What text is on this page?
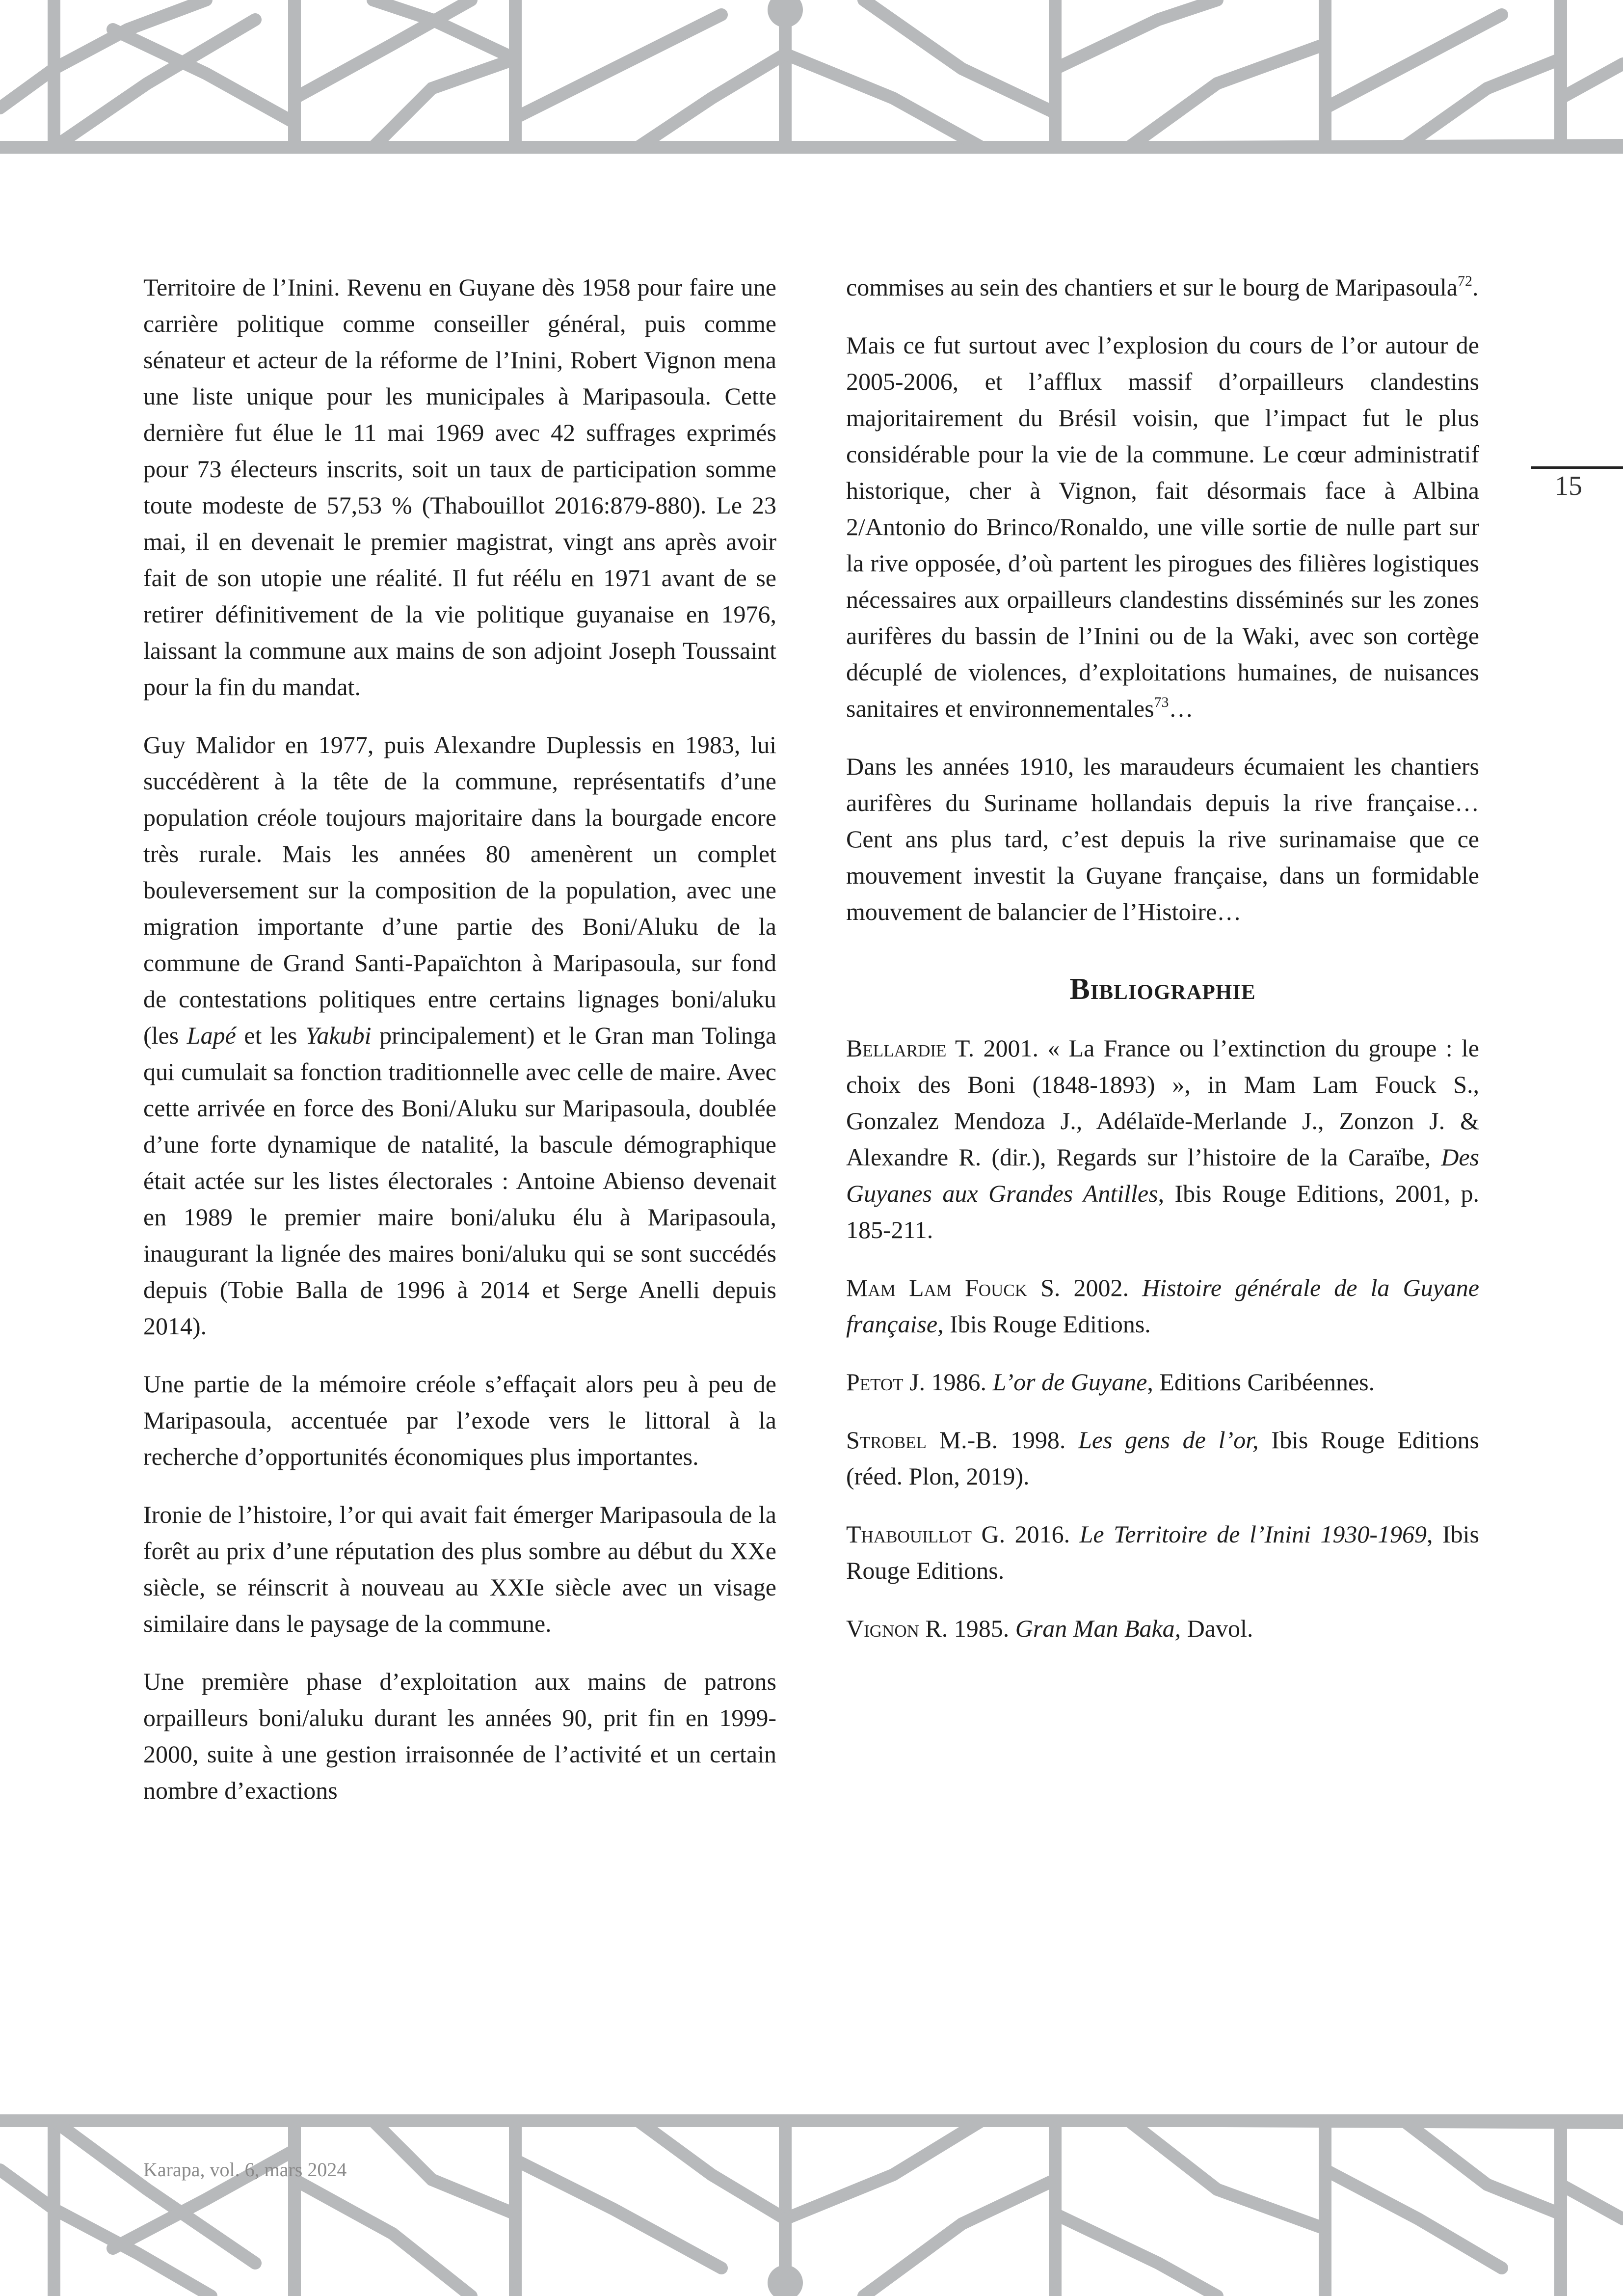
15

Territoire de l’Inini. Revenu en Guyane dès 1958 pour faire une carrière politique comme conseiller général, puis comme sénateur et acteur de la réforme de l’Inini, Robert Vignon mena une liste unique pour les municipales à Maripasoula. Cette dernière fut élue le 11 mai 1969 avec 42 suffrages exprimés pour 73 électeurs inscrits, soit un taux de participation somme toute modeste de 57,53 % (Thabouillot 2016:879-880). Le 23 mai, il en devenait le premier magistrat, vingt ans après avoir fait de son utopie une réalité. Il fut réélu en 1971 avant de se retirer définitivement de la vie politique guyanaise en 1976, laissant la commune aux mains de son adjoint Joseph Toussaint pour la fin du mandat.

Guy Malidor en 1977, puis Alexandre Duplessis en 1983, lui succédèrent à la tête de la commune, représentatifs d’une population créole toujours majoritaire dans la bourgade encore très rurale. Mais les années 80 amenèrent un complet bouleversement sur la composition de la population, avec une migration importante d’une partie des Boni/Aluku de la commune de Grand Santi-Papaïchton à Maripasoula, sur fond de contestations politiques entre certains lignages boni/aluku (les Lapé et les Yakubi principalement) et le Gran man Tolinga qui cumulait sa fonction traditionnelle avec celle de maire. Avec cette arrivée en force des Boni/Aluku sur Maripasoula, doublée d’une forte dynamique de natalité, la bascule démographique était actée sur les listes électorales : Antoine Abienso devenait en 1989 le premier maire boni/aluku élu à Maripasoula, inaugurant la lignée des maires boni/aluku qui se sont succédés depuis (Tobie Balla de 1996 à 2014 et Serge Anelli depuis 2014).

Une partie de la mémoire créole s’effaçait alors peu à peu de Maripasoula, accentuée par l’exode vers le littoral à la recherche d’opportunités économiques plus importantes.

Ironie de l’histoire, l’or qui avait fait émerger Maripasoula de la forêt au prix d’une réputation des plus sombre au début du XXe siècle, se réinscrit à nouveau au XXIe siècle avec un visage similaire dans le paysage de la commune.

Une première phase d’exploitation aux mains de patrons orpailleurs boni/aluku durant les années 90, prit fin en 1999-2000, suite à une gestion irraisonnée de l’activité et un certain nombre d’exactions

commises au sein des chantiers et sur le bourg de Maripasoula$^{72}$.

Mais ce fut surtout avec l’explosion du cours de l’or autour de 2005-2006, et l’afflux massif d’orpailleurs clandestins majoritairement du Brésil voisin, que l’impact fut le plus considérable pour la vie de la commune. Le cœur administratif historique, cher à Vignon, fait désormais face à Albina 2/Antonio do Brinco/Ronaldo, une ville sortie de nulle part sur la rive opposée, d’où partent les pirogues des filières logistiques nécessaires aux orpailleurs clandestins disséminés sur les zones aurifères du bassin de l’Inini ou de la Waki, avec son cortège décuplé de violences, d’exploitations humaines, de nuisances sanitaires et environnementales$^{73}$…

Dans les années 1910, les maraudeurs écumaient les chantiers aurifères du Suriname hollandais depuis la rive française… Cent ans plus tard, c’est depuis la rive surinamaise que ce mouvement investit la Guyane française, dans un formidable mouvement de balancier de l’Histoire…

Bibliographie
Bellardie T. 2001. « La France ou l’extinction du groupe : le choix des Boni (1848-1893) », in Mam Lam Fouck S., Gonzalez Mendoza J., Adélaïde-Merlande J., Zonzon J. & Alexandre R. (dir.), Regards sur l’histoire de la Caraïbe, Des Guyanes aux Grandes Antilles, Ibis Rouge Editions, 2001, p. 185-211.
Mam Lam Fouck S. 2002. Histoire générale de la Guyane française, Ibis Rouge Editions.
Petot J. 1986. L’or de Guyane, Editions Caribéennes.
Strobel M.-B. 1998. Les gens de l’or, Ibis Rouge Editions (réed. Plon, 2019).
Thabouillot G. 2016. Le Territoire de l’Inini 1930-1969, Ibis Rouge Editions.
Vignon R. 1985. Gran Man Baka, Davol.
Karapa, vol. 6, mars 2024
